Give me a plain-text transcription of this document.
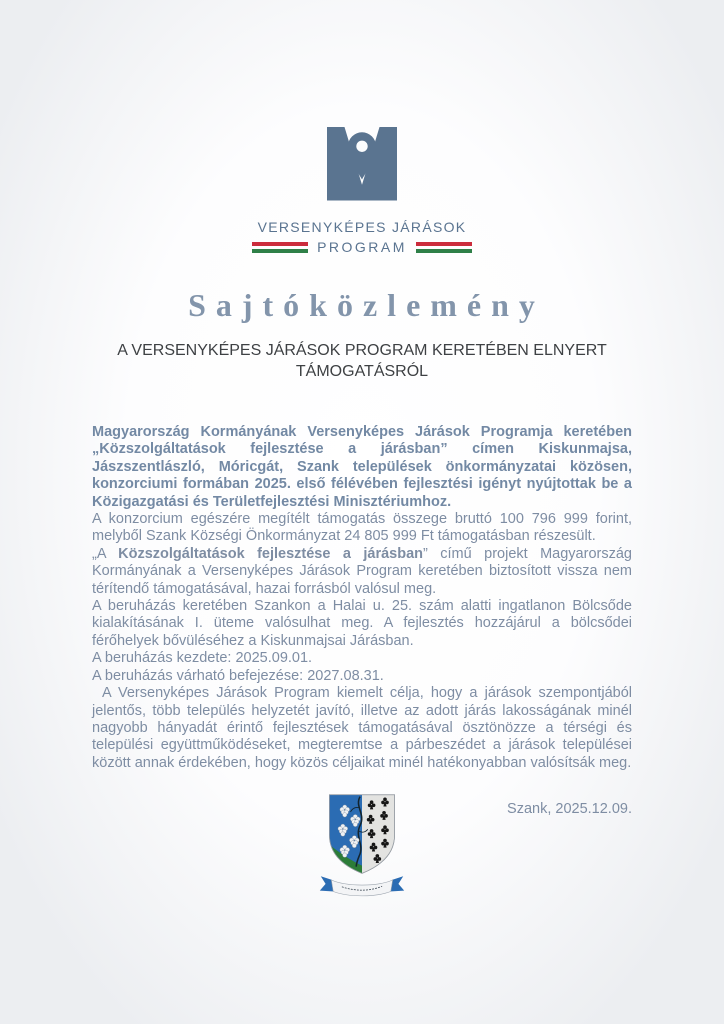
VERSENYKÉPES JÁRÁSOK
PROGRAM
S a j t ó k ö z l e m é n y
A VERSENYKÉPES JÁRÁSOK PROGRAM KERETÉBEN ELNYERT TÁMOGATÁSRÓL

Magyarország Kormányának Versenyképes Járások Programja keretében „Közszolgáltatások fejlesztése a járásban” címen Kiskunmajsa, Jászszentlászló, Móricgát, Szank települések önkormányzatai közösen, konzorciumi formában 2025. első félévében fejlesztési igényt nyújtottak be a Közigazgatási és Területfejlesztési Minisztériumhoz.

A konzorcium egészére megítélt támogatás összege bruttó 100 796 999 forint, melyből Szank Községi Önkormányzat 24 805 999 Ft támogatásban részesült.

„A Közszolgáltatások fejlesztése a járásban” című projekt Magyarország Kormányának a Versenyképes Járások Program keretében biztosított vissza nem térítendő támogatásával, hazai forrásból valósul meg.

A beruházás keretében Szankon a Halai u. 25. szám alatti ingatlanon Bölcsőde kialakításának I. üteme valósulhat meg. A fejlesztés hozzájárul a bölcsődei férőhelyek bővüléséhez a Kiskunmajsai Járásban.

A beruházás kezdete: 2025.09.01.

A beruházás várható befejezése: 2027.08.31.

A Versenyképes Járások Program kiemelt célja, hogy a járások szempontjából jelentős, több település helyzetét javító, illetve az adott járás lakosságának minél nagyobb hányadát érintő fejlesztések támogatásával ösztönözze a térségi és települési együttműködéseket, megteremtse a párbeszédet a járások települései között annak érdekében, hogy közös céljaikat minél hatékonyabban valósítsák meg.

Szank, 2025.12.09.
